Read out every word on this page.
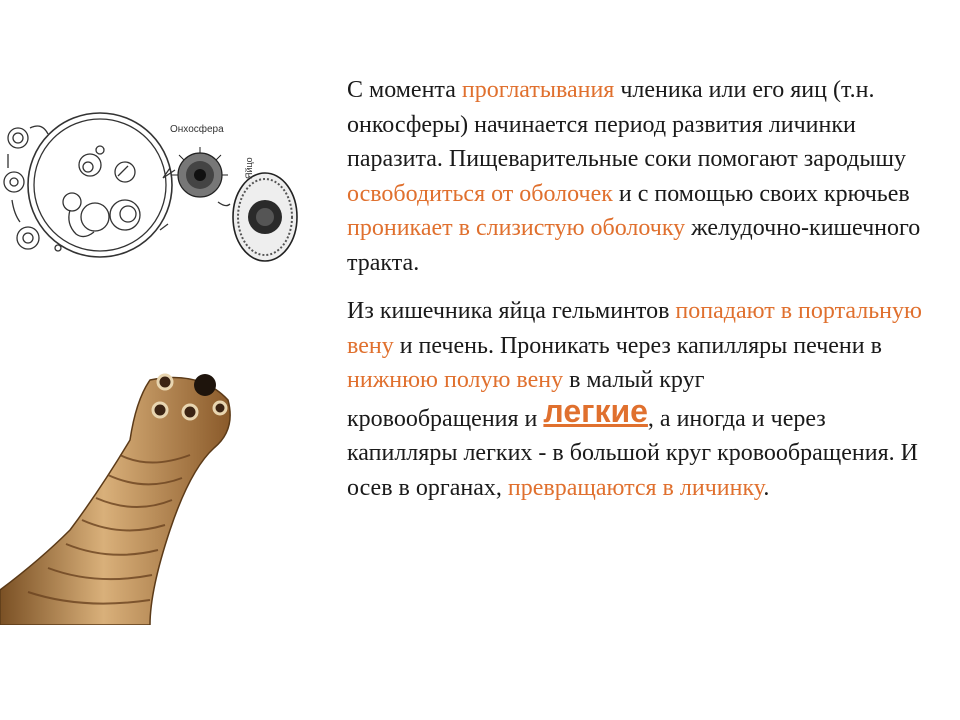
Онхосфера
Яйцо

С момента проглатывания членика или его яиц (т.н. онкосферы) начинается период развития личинки паразита. Пищеварительные соки помогают зародышу освободиться от оболочек и с помощью своих крючьев проникает в слизистую оболочку желудочно-кишечного тракта.

Из кишечника яйца гельминтов попадают в портальную вену и печень. Проникать через капилляры печени в нижнюю полую вену в малый круг
кровообращения и легкие, а иногда и через капилляры легких - в большой круг кровообращения. И осев в органах, превращаются в личинку.
